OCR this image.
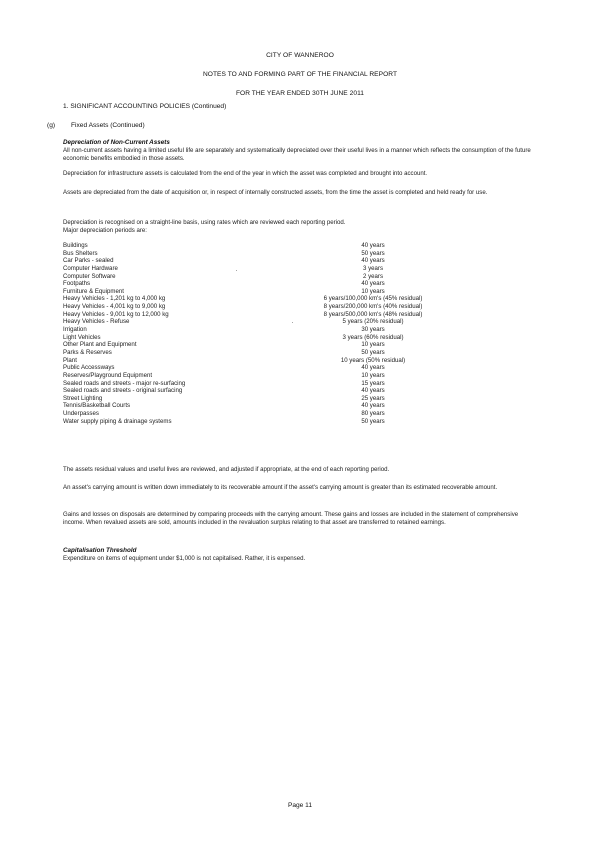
CITY OF WANNEROO
NOTES TO AND FORMING PART OF THE FINANCIAL REPORT
FOR THE YEAR ENDED 30TH JUNE 2011
1. SIGNIFICANT ACCOUNTING POLICIES (Continued)
(g) Fixed Assets (Continued)
Depreciation of Non-Current Assets
All non-current assets having a limited useful life are separately and systematically depreciated over their useful lives in a manner which reflects the consumption of the future economic benefits embodied in those assets.
Depreciation for infrastructure assets is calculated from the end of the year in which the asset was completed and brought into account.
Assets are depreciated from the date of acquisition or, in respect of internally constructed assets, from the time the asset is completed and held ready for use.
Depreciation is recognised on a straight-line basis, using rates which are reviewed each reporting period.
Major depreciation periods are:
Buildings	40 years
Bus Shelters	50 years
Car Parks - sealed	40 years
Computer Hardware	3 years
Computer Software	2 years
Footpaths	40 years
Furniture & Equipment	10 years
Heavy Vehicles - 1,201 kg to 4,000 kg	6 years/100,000 km's (45% residual)
Heavy Vehicles - 4,001 kg to 9,000 kg	8 years/200,000 km's (40% residual)
Heavy Vehicles - 9,001 kg to 12,000 kg	8 years/500,000 km's (48% residual)
Heavy Vehicles - Refuse	5 years (20% residual)
Irrigation	30 years
Light Vehicles	3 years (60% residual)
Other Plant and Equipment	10 years
Parks & Reserves	50 years
Plant	10 years (50% residual)
Public Accessways	40 years
Reserves/Playground Equipment	10 years
Sealed roads and streets - major re-surfacing	15 years
Sealed roads and streets - original surfacing	40 years
Street Lighting	25 years
Tennis/Basketball Courts	40 years
Underpasses	80 years
Water supply piping & drainage systems	50 years
The assets residual values and useful lives are reviewed, and adjusted if appropriate, at the end of each reporting period.
An asset's carrying amount is written down immediately to its recoverable amount if the asset's carrying amount is greater than its estimated recoverable amount.
Gains and losses on disposals are determined by comparing proceeds with the carrying amount. These gains and losses are included in the statement of comprehensive income. When revalued assets are sold, amounts included in the revaluation surplus relating to that asset are transferred to retained earnings.
Capitalisation Threshold
Expenditure on items of equipment under $1,000 is not capitalised. Rather, it is expensed.
Page 11
